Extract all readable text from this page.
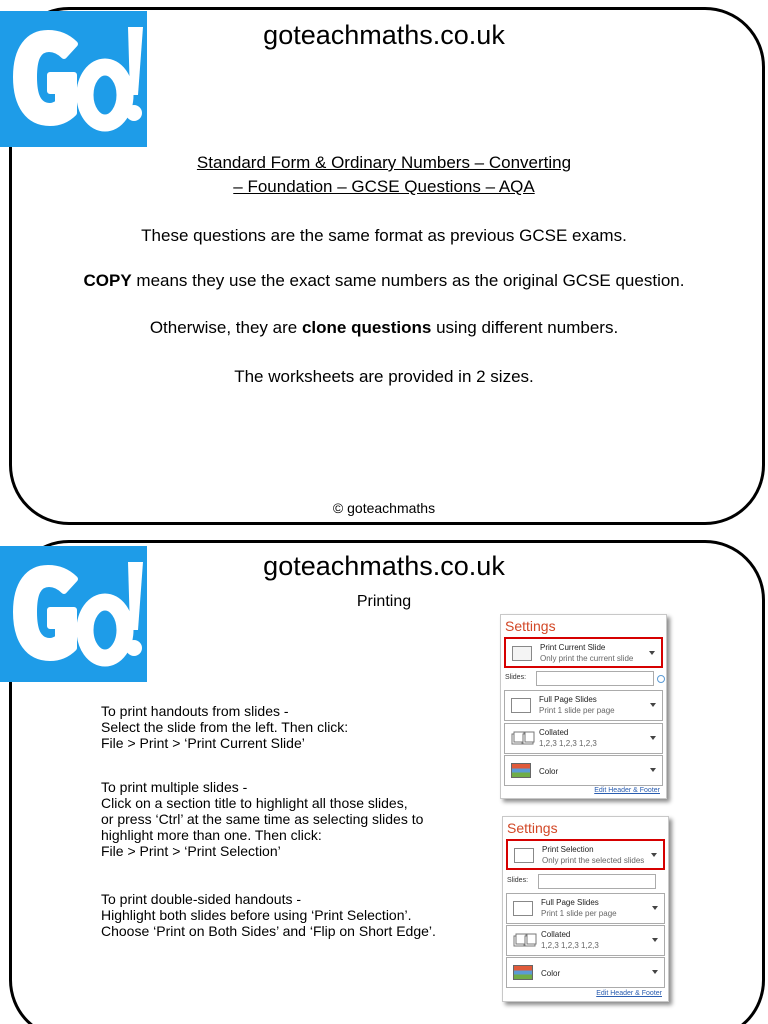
goteachmaths.co.uk
Standard Form & Ordinary Numbers – Converting
– Foundation – GCSE Questions – AQA
These questions are the same format as previous GCSE exams.
COPY means they use the exact same numbers as the original GCSE question.
Otherwise, they are clone questions using different numbers.
The worksheets are provided in 2 sizes.
© goteachmaths
goteachmaths.co.uk
Printing
To print handouts from slides -
Select the slide from the left. Then click:
File > Print > ‘Print Current Slide’
To print multiple slides -
Click on a section title to highlight all those slides,
or press ‘Ctrl’ at the same time as selecting slides to
highlight more than one. Then click:
File > Print > ‘Print Selection’
To print double-sided handouts -
Highlight both slides before using ‘Print Selection’.
Choose ‘Print on Both Sides’ and ‘Flip on Short Edge’.
Settings
Print Current Slide
Only print the current slide
Slides:
Full Page Slides
Print 1 slide per page
Collated
1,2,3 1,2,3 1,2,3
Color
Edit Header & Footer
Settings
Print Selection
Only print the selected slides
Slides:
Full Page Slides
Print 1 slide per page
Collated
1,2,3 1,2,3 1,2,3
Color
Edit Header & Footer
